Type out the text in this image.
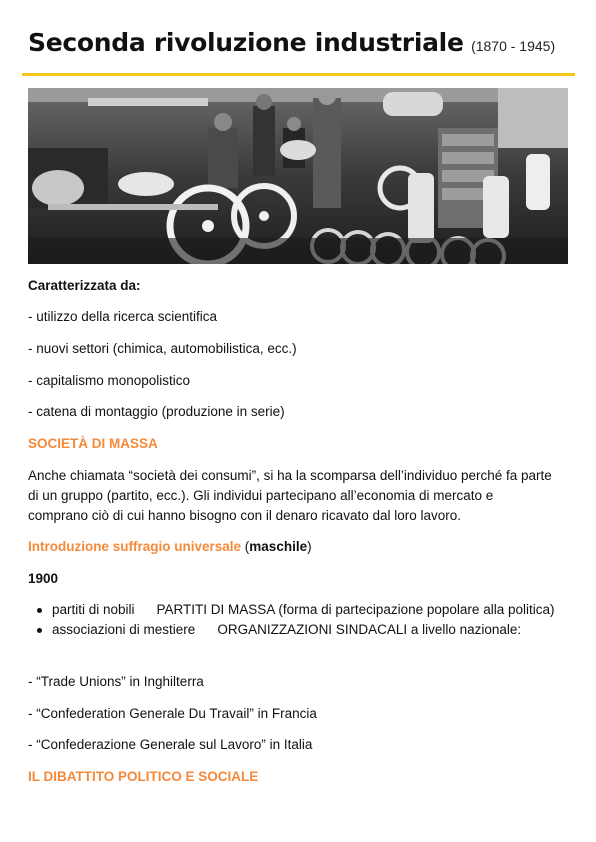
Seconda rivoluzione industriale (1870 - 1945)
Caratterizzata da:
- utilizzo della ricerca scientifica
- nuovi settori (chimica, automobilistica, ecc.)
- capitalismo monopolistico
- catena di montaggio (produzione in serie)
SOCIETÀ DI MASSA
Anche chiamata “società dei consumi”, si ha la scomparsa dell’individuo perché fa parte di un gruppo (partito, ecc.). Gli individui partecipano all’economia di mercato e comprano ciò di cui hanno bisogno con il denaro ricavato dal loro lavoro.
Introduzione suffragio universale (maschile)
1900
partiti di nobili PARTITI DI MASSA (forma di partecipazione popolare alla politica)
associazioni di mestiere ORGANIZZAZIONI SINDACALI a livello nazionale:
- “Trade Unions” in Inghilterra
- “Confederation Generale Du Travail” in Francia
- “Confederazione Generale sul Lavoro” in Italia
IL DIBATTITO POLITICO E SOCIALE
